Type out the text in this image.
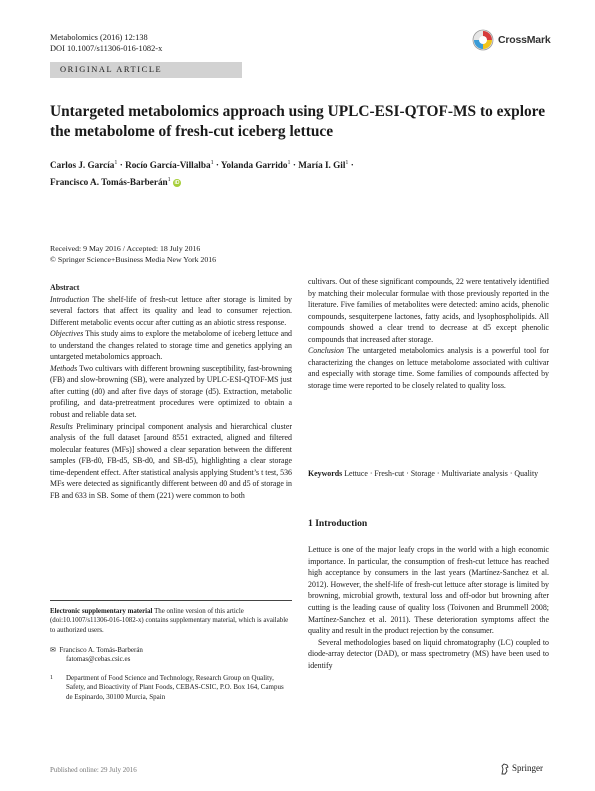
Metabolomics (2016) 12:138
DOI 10.1007/s11306-016-1082-x
CrossMark
ORIGINAL ARTICLE
Untargeted metabolomics approach using UPLC-ESI-QTOF-MS to explore the metabolome of fresh-cut iceberg lettuce
Carlos J. García$^1$ · Rocío García-Villalba$^1$ · Yolanda Garrido$^1$ · María I. Gil$^1$ ·
Francisco A. Tomás-Barberán$^1$ iD
Received: 9 May 2016 / Accepted: 18 July 2016
© Springer Science+Business Media New York 2016

Abstract

Introduction The shelf-life of fresh-cut lettuce after storage is limited by several factors that affect its quality and lead to consumer rejection. Different metabolic events occur after cutting as an abiotic stress response.

Objectives This study aims to explore the metabolome of iceberg lettuce and to understand the changes related to storage time and genetics applying an untargeted metabolomics approach.

Methods Two cultivars with different browning susceptibility, fast-browning (FB) and slow-browning (SB), were analyzed by UPLC-ESI-QTOF-MS just after cutting (d0) and after five days of storage (d5). Extraction, metabolic profiling, and data-pretreatment procedures were optimized to obtain a robust and reliable data set.

Results Preliminary principal component analysis and hierarchical cluster analysis of the full dataset [around 8551 extracted, aligned and filtered molecular features (MFs)] showed a clear separation between the different samples (FB-d0, FB-d5, SB-d0, and SB-d5), highlighting a clear storage time-dependent effect. After statistical analysis applying Student’s t test, 536 MFs were detected as significantly different between d0 and d5 of storage in FB and 633 in SB. Some of them (221) were common to both

cultivars. Out of these significant compounds, 22 were tentatively identified by matching their molecular formulae with those previously reported in the literature. Five families of metabolites were detected: amino acids, phenolic compounds, sesquiterpene lactones, fatty acids, and lysophospholipids. All compounds showed a clear trend to decrease at d5 except phenolic compounds that increased after storage.

Conclusion The untargeted metabolomics analysis is a powerful tool for characterizing the changes on lettuce metabolome associated with cultivar and especially with storage time. Some families of compounds affected by storage time were reported to be closely related to quality loss.

Keywords Lettuce · Fresh-cut · Storage · Multivariate analysis · Quality
1 Introduction

Lettuce is one of the major leafy crops in the world with a high economic importance. In particular, the consumption of fresh-cut lettuce has reached high acceptance by consumers in the last years (Martínez-Sanchez et al. 2012). However, the shelf-life of fresh-cut lettuce after storage is limited by browning, microbial growth, textural loss and off-odor but browning after cutting is the leading cause of quality loss (Toivonen and Brummell 2008; Martínez-Sanchez et al. 2011). These deterioration symptoms affect the quality and result in the product rejection by the consumer.

Several methodologies based on liquid chromatography (LC) coupled to diode-array detector (DAD), or mass spectrometry (MS) have been used to identify

Electronic supplementary material The online version of this article (doi:10.1007/s11306-016-1082-x) contains supplementary material, which is available to authorized users.
✉ Francisco A. Tomás-Barberán
fatomas@cebas.csic.es
1 Department of Food Science and Technology, Research Group on Quality, Safety, and Bioactivity of Plant Foods, CEBAS-CSIC, P.O. Box 164, Campus de Espinardo, 30100 Murcia, Spain
Published online: 29 July 2016	Springer
